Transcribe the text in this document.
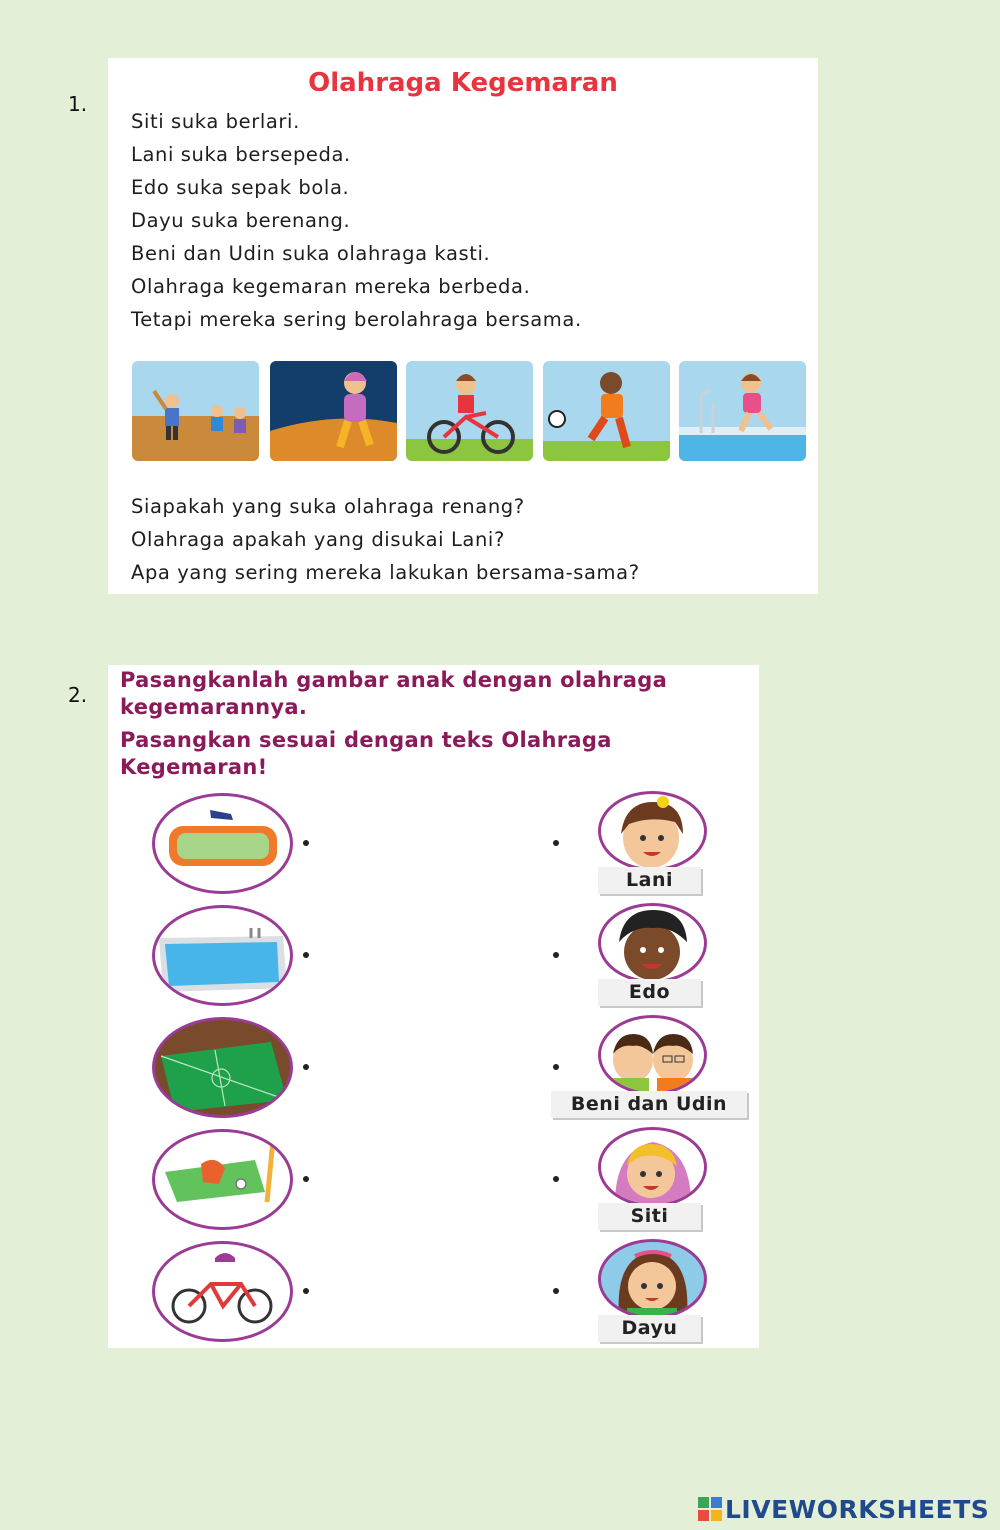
1.
Olahraga Kegemaran
Siti suka berlari.
Lani suka bersepeda.
Edo suka sepak bola.
Dayu suka berenang.
Beni dan Udin suka olahraga kasti.
Olahraga kegemaran mereka berbeda.
Tetapi mereka sering berolahraga bersama.
Siapakah yang suka olahraga renang?
Olahraga apakah yang disukai Lani?
Apa yang sering mereka lakukan bersama-sama?
2.
Pasangkanlah gambar anak dengan olahraga
kegemarannya.
Pasangkan sesuai dengan teks Olahraga
Kegemaran!
Lani
Edo
Beni dan Udin
Siti
Dayu
LIVEWORKSHEETS
